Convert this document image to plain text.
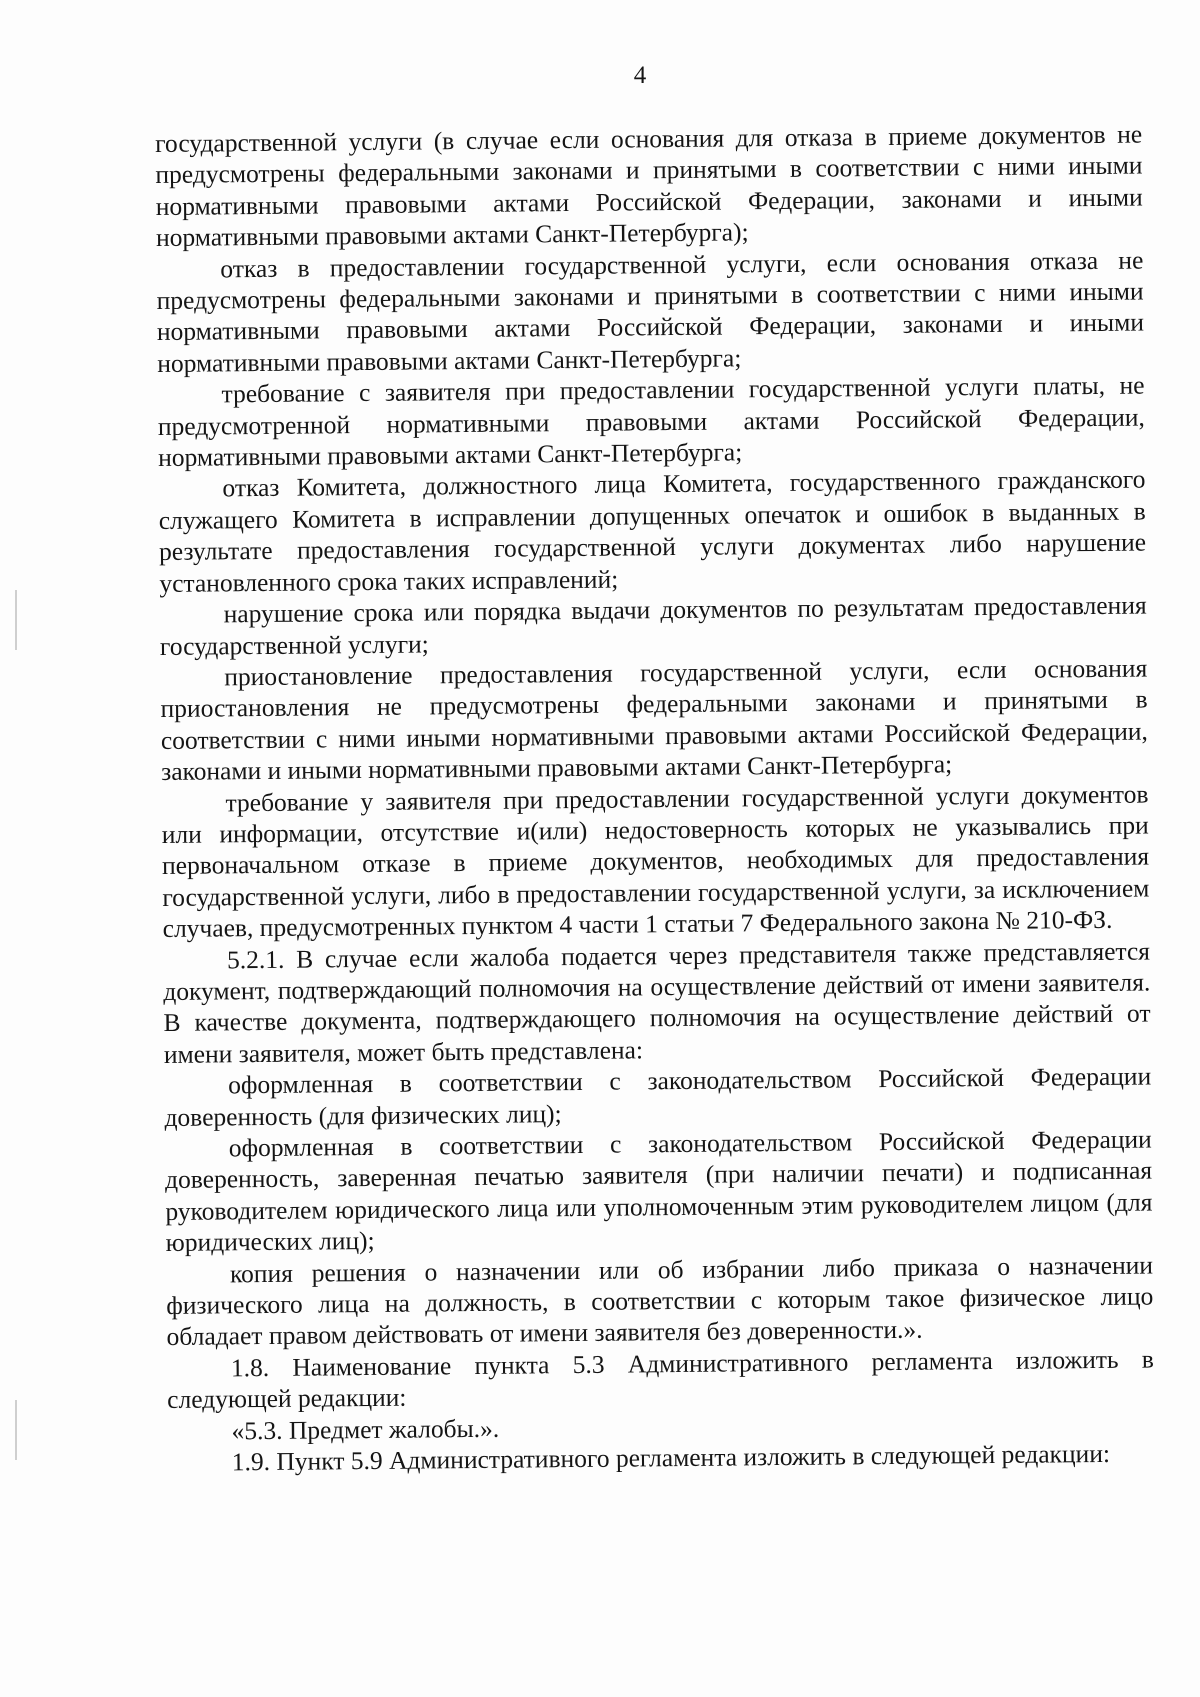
4

государственной услуги (в случае если основания для отказа в приеме документов не предусмотрены федеральными законами и принятыми в соответствии с ними иными нормативными правовыми актами Российской Федерации, законами и иными нормативными правовыми актами Санкт-Петербурга);

отказ в предоставлении государственной услуги, если основания отказа не предусмотрены федеральными законами и принятыми в соответствии с ними иными нормативными правовыми актами Российской Федерации, законами и иными нормативными правовыми актами Санкт-Петербурга;

требование с заявителя при предоставлении государственной услуги платы, не предусмотренной нормативными правовыми актами Российской Федерации, нормативными правовыми актами Санкт-Петербурга;

отказ Комитета, должностного лица Комитета, государственного гражданского служащего Комитета в исправлении допущенных опечаток и ошибок в выданных в результате предоставления государственной услуги документах либо нарушение установленного срока таких исправлений;

нарушение срока или порядка выдачи документов по результатам предоставления государственной услуги;

приостановление предоставления государственной услуги, если основания приостановления не предусмотрены федеральными законами и принятыми в соответствии с ними иными нормативными правовыми актами Российской Федерации, законами и иными нормативными правовыми актами Санкт-Петербурга;

требование у заявителя при предоставлении государственной услуги документов или информации, отсутствие и(или) недостоверность которых не указывались при первоначальном отказе в приеме документов, необходимых для предоставления государственной услуги, либо в предоставлении государственной услуги, за исключением случаев, предусмотренных пунктом 4 части 1 статьи 7 Федерального закона № 210-ФЗ.

5.2.1. В случае если жалоба подается через представителя также представляется документ, подтверждающий полномочия на осуществление действий от имени заявителя. В качестве документа, подтверждающего полномочия на осуществление действий от имени заявителя, может быть представлена:

оформленная в соответствии с законодательством Российской Федерации доверенность (для физических лиц);

оформленная в соответствии с законодательством Российской Федерации доверенность, заверенная печатью заявителя (при наличии печати) и подписанная руководителем юридического лица или уполномоченным этим руководителем лицом (для юридических лиц);

копия решения о назначении или об избрании либо приказа о назначении физического лица на должность, в соответствии с которым такое физическое лицо обладает правом действовать от имени заявителя без доверенности.».

1.8. Наименование пункта 5.3 Административного регламента изложить в следующей редакции:

«5.3. Предмет жалобы.».

1.9. Пункт 5.9 Административного регламента изложить в следующей редакции:
